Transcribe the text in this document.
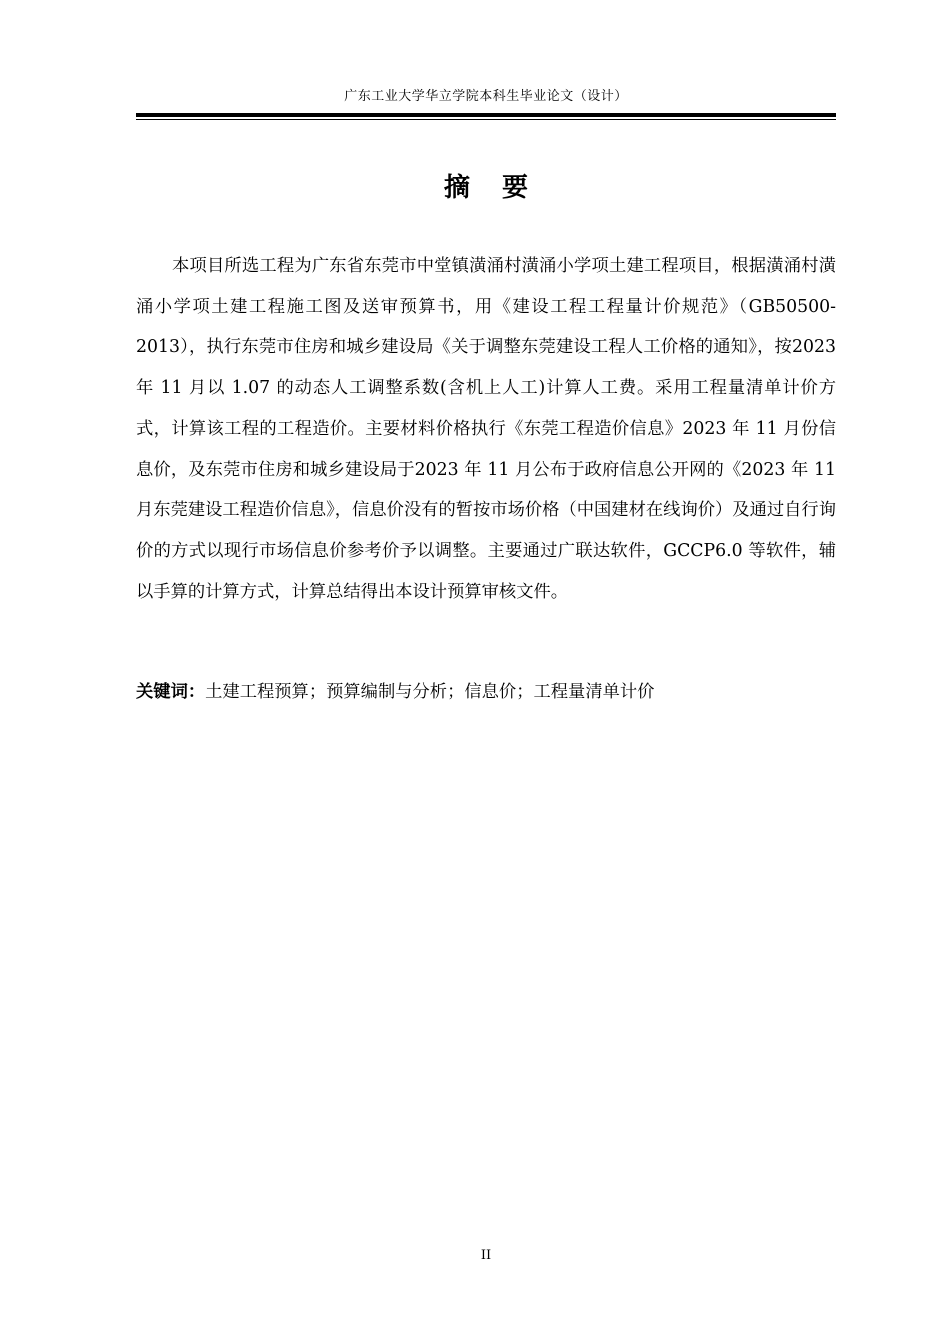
广东工业大学华立学院本科生毕业论文（设计）
摘要

本项目所选工程为广东省东莞市中堂镇潢涌村潢涌小学项土建工程项目，根据潢涌村潢涌小学项土建工程施工图及送审预算书，用《建设工程工程量计价规范》（GB50500-2013），执行东莞市住房和城乡建设局《关于调整东莞建设工程人工价格的通知》，按2023 年 11 月以 1.07 的动态人工调整系数(含机上人工)计算人工费。采用工程量清单计价方式，计算该工程的工程造价。主要材料价格执行《东莞工程造价信息》2023 年 11 月份信息价，及东莞市住房和城乡建设局于2023 年 11 月公布于政府信息公开网的《2023 年 11 月东莞建设工程造价信息》，信息价没有的暂按市场价格（中国建材在线询价）及通过自行询价的方式以现行市场信息价参考价予以调整。主要通过广联达软件，GCCP6.0 等软件，辅以手算的计算方式，计算总结得出本设计预算审核文件。

关键词：土建工程预算；预算编制与分析；信息价；工程量清单计价

II
